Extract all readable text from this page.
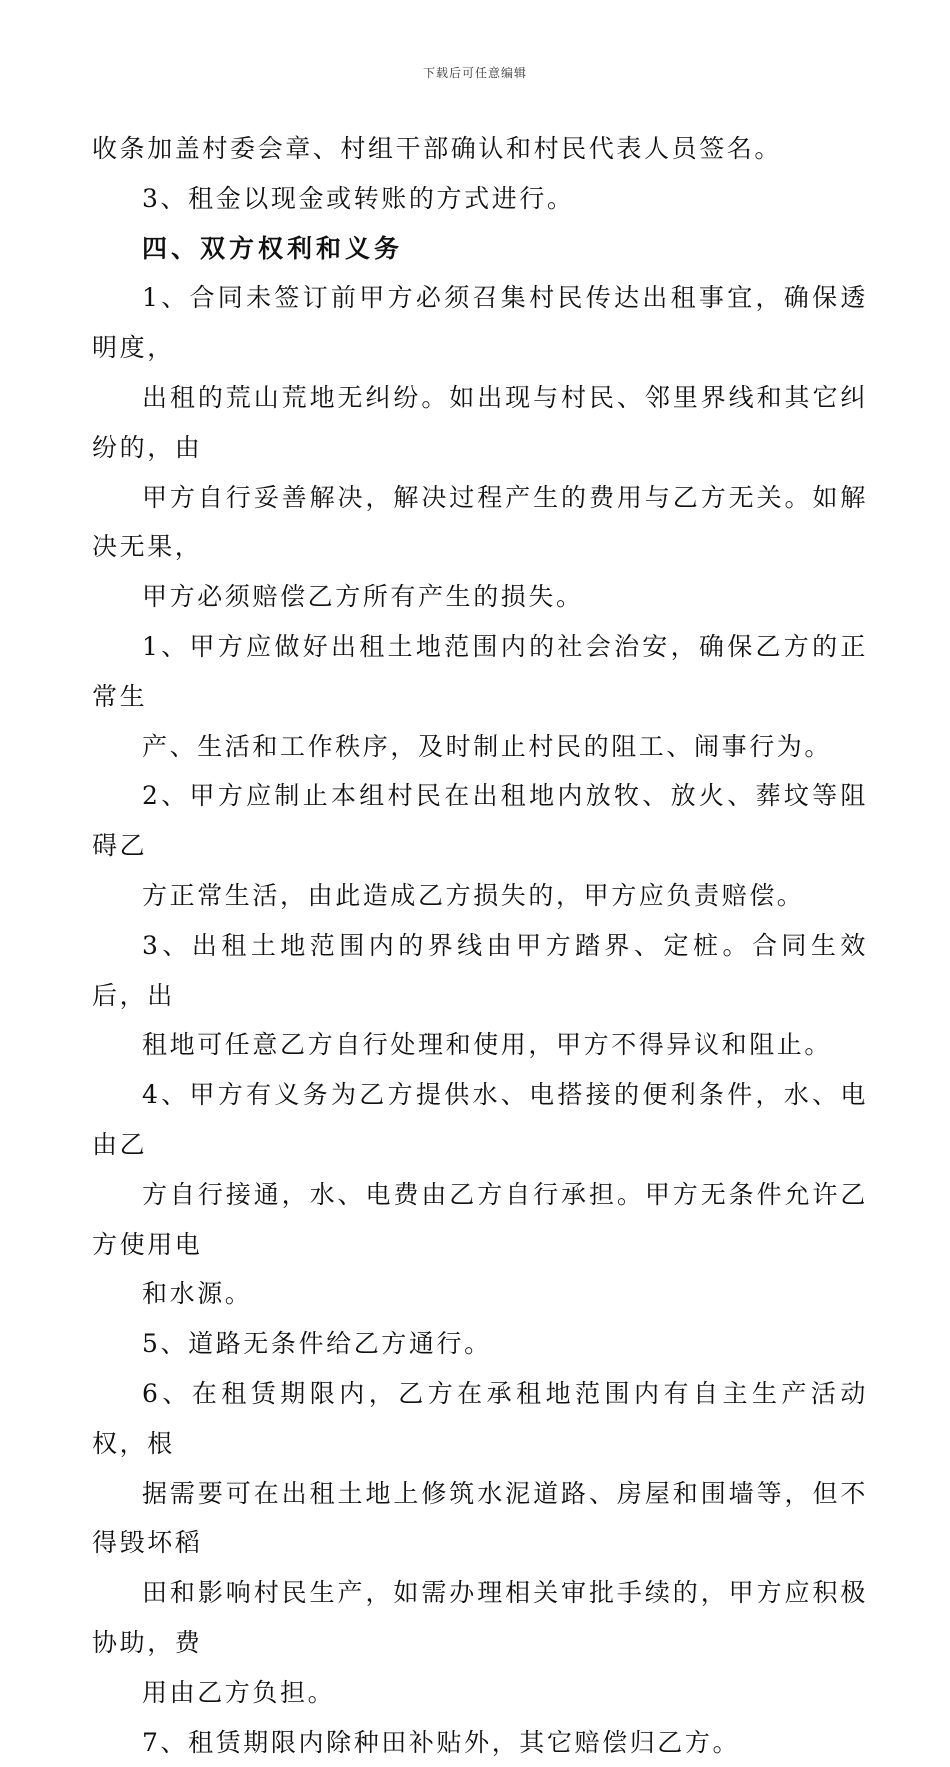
下载后可任意编辑

收条加盖村委会章、村组干部确认和村民代表人员签名。

3、租金以现金或转账的方式进行。

四、双方权利和义务

1、合同未签订前甲方必须召集村民传达出租事宜，确保透明度，
出租的荒山荒地无纠纷。如出现与村民、邻里界线和其它纠纷的，由
甲方自行妥善解决，解决过程产生的费用与乙方无关。如解决无果，
甲方必须赔偿乙方所有产生的损失。

1、甲方应做好出租土地范围内的社会治安，确保乙方的正常生
产、生活和工作秩序，及时制止村民的阻工、闹事行为。

2、甲方应制止本组村民在出租地内放牧、放火、葬坟等阻碍乙
方正常生活，由此造成乙方损失的，甲方应负责赔偿。

3、出租土地范围内的界线由甲方踏界、定桩。合同生效后，出
租地可任意乙方自行处理和使用，甲方不得异议和阻止。

4、甲方有义务为乙方提供水、电搭接的便利条件，水、电由乙
方自行接通，水、电费由乙方自行承担。甲方无条件允许乙方使用电
和水源。

5、道路无条件给乙方通行。

6、在租赁期限内，乙方在承租地范围内有自主生产活动权，根
据需要可在出租土地上修筑水泥道路、房屋和围墙等，但不得毁坏稻
田和影响村民生产，如需办理相关审批手续的，甲方应积极协助，费
用由乙方负担。

7、租赁期限内除种田补贴外，其它赔偿归乙方。
